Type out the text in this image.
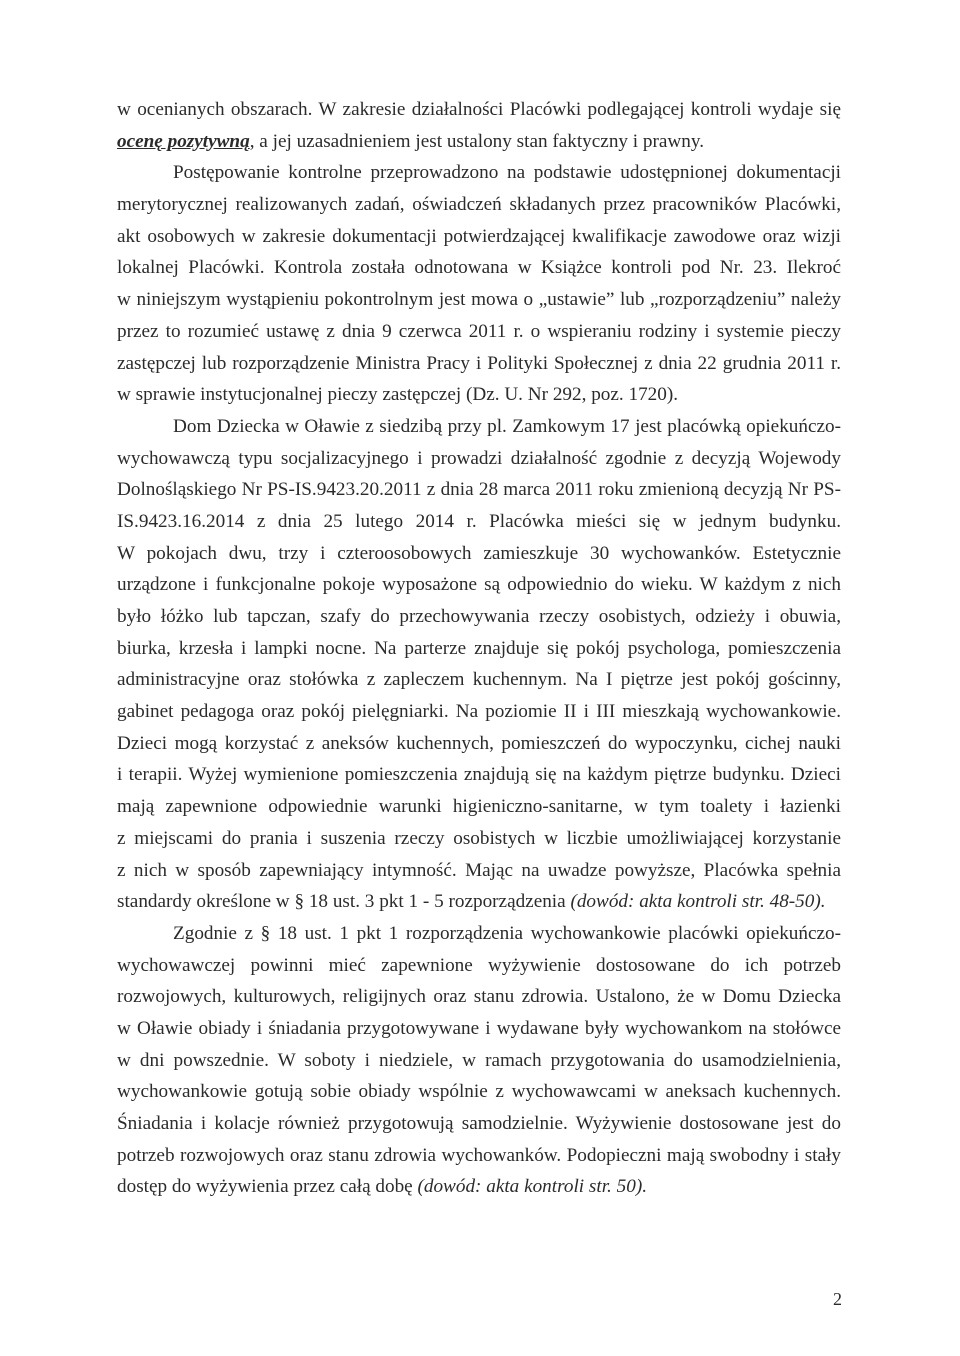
w ocenianych obszarach. W zakresie działalności Placówki podlegającej kontroli wydaje się
ocenę pozytywną, a jej uzasadnieniem jest ustalony stan faktyczny i prawny.
Postępowanie kontrolne przeprowadzono na podstawie udostępnionej dokumentacji
merytorycznej realizowanych zadań, oświadczeń składanych przez pracowników Placówki,
akt osobowych w zakresie dokumentacji potwierdzającej kwalifikacje zawodowe oraz wizji
lokalnej Placówki. Kontrola została odnotowana w Książce kontroli pod Nr. 23. Ilekroć
w niniejszym wystąpieniu pokontrolnym jest mowa o „ustawie” lub „rozporządzeniu” należy
przez to rozumieć ustawę z dnia 9 czerwca 2011 r. o wspieraniu rodziny i systemie pieczy
zastępczej lub rozporządzenie Ministra Pracy i Polityki Społecznej z dnia 22 grudnia 2011 r.
w sprawie instytucjonalnej pieczy zastępczej (Dz. U. Nr 292, poz. 1720).
Dom Dziecka w Oławie z siedzibą przy pl. Zamkowym 17 jest placówką opiekuńczo-
wychowawczą typu socjalizacyjnego i prowadzi działalność zgodnie z decyzją Wojewody
Dolnośląskiego Nr PS-IS.9423.20.2011 z dnia 28 marca 2011 roku zmienioną decyzją Nr PS-
IS.9423.16.2014 z dnia 25 lutego 2014 r. Placówka mieści się w jednym budynku.
W pokojach dwu, trzy i czteroosobowych zamieszkuje 30 wychowanków. Estetycznie
urządzone i funkcjonalne pokoje wyposażone są odpowiednio do wieku. W każdym z nich
było łóżko lub tapczan, szafy do przechowywania rzeczy osobistych, odzieży i obuwia,
biurka, krzesła i lampki nocne. Na parterze znajduje się pokój psychologa, pomieszczenia
administracyjne oraz stołówka z zapleczem kuchennym. Na I piętrze jest pokój gościnny,
gabinet pedagoga oraz pokój pielęgniarki. Na poziomie II i III mieszkają wychowankowie.
Dzieci mogą korzystać z aneksów kuchennych, pomieszczeń do wypoczynku, cichej nauki
i terapii. Wyżej wymienione pomieszczenia znajdują się na każdym piętrze budynku. Dzieci
mają zapewnione odpowiednie warunki higieniczno-sanitarne, w tym toalety i łazienki
z miejscami do prania i suszenia rzeczy osobistych w liczbie umożliwiającej korzystanie
z nich w sposób zapewniający intymność. Mając na uwadze powyższe, Placówka spełnia
standardy określone w § 18 ust. 3 pkt 1 - 5 rozporządzenia (dowód: akta kontroli str. 48-50).
Zgodnie z § 18 ust. 1 pkt 1 rozporządzenia wychowankowie placówki opiekuńczo-
wychowawczej powinni mieć zapewnione wyżywienie dostosowane do ich potrzeb
rozwojowych, kulturowych, religijnych oraz stanu zdrowia. Ustalono, że w Domu Dziecka
w Oławie obiady i śniadania przygotowywane i wydawane były wychowankom na stołówce
w dni powszednie. W soboty i niedziele, w ramach przygotowania do usamodzielnienia,
wychowankowie gotują sobie obiady wspólnie z wychowawcami w aneksach kuchennych.
Śniadania i kolacje również przygotowują samodzielnie. Wyżywienie dostosowane jest do
potrzeb rozwojowych oraz stanu zdrowia wychowanków. Podopieczni mają swobodny i stały
dostęp do wyżywienia przez całą dobę (dowód: akta kontroli str. 50).
2
